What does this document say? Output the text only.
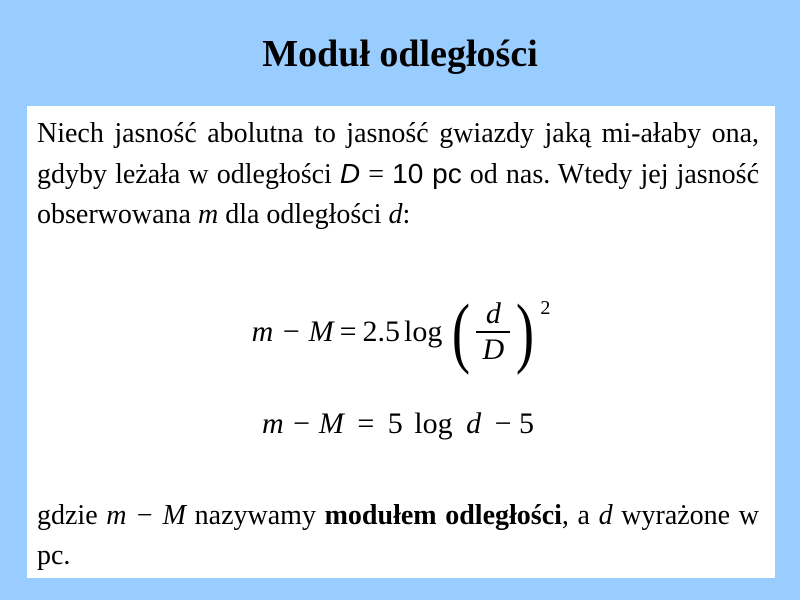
Moduł odległości

Niech jasność abolutna to jasność gwiazdy jaką mi-ałaby ona, gdyby leżała w odległości D = 10 pc od nas. Wtedy jej jasność obserwowana m dla odległości d:

m − M = 2.5 log ( $\frac{d}{D}$ ) 2
m − M = 5 log d − 5

gdzie m − M nazywamy modułem odległości, a d wyrażone w pc.
